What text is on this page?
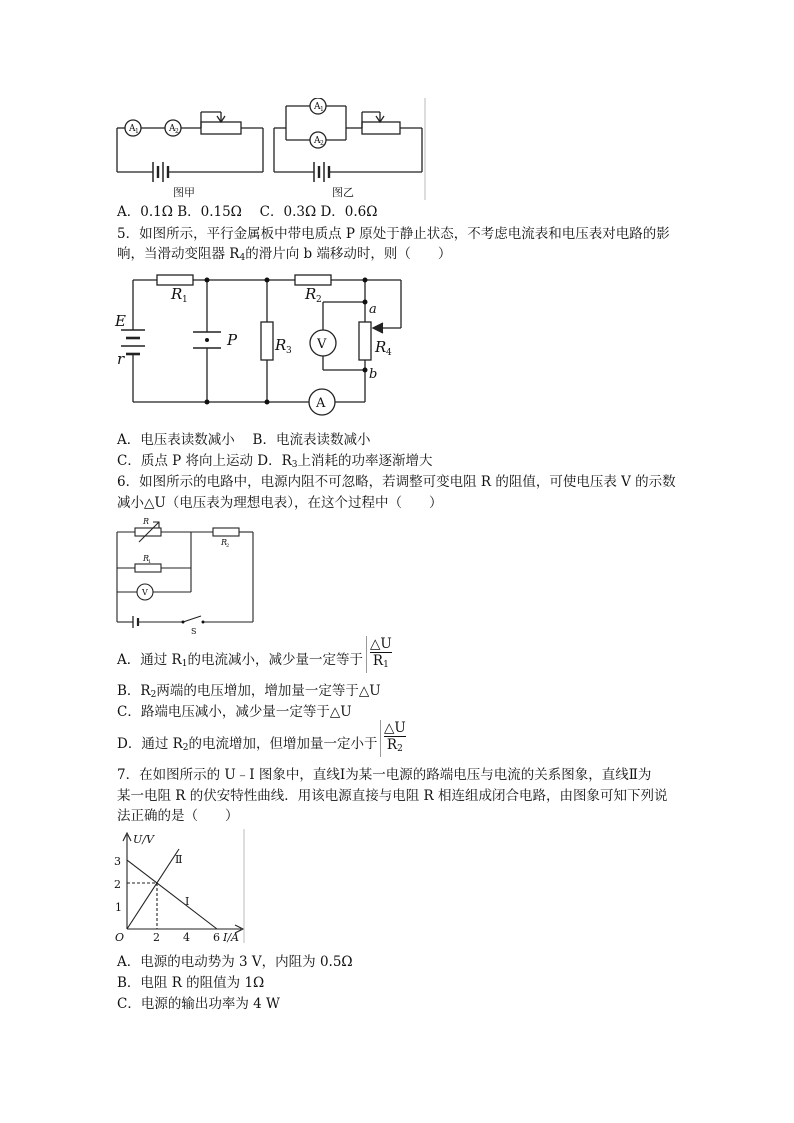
A 1	A 2
图甲
A 1
A 2
图乙
A．0.1Ω B．0.15Ω　 C．0.3Ω D．0.6Ω
5．如图所示，平行金属板中带电质点 P 原处于静止状态，不考虑电流表和电压表对电路的影
响，当滑动变阻器 $R_4$的滑片向 b 端移动时，则（　　）
R 1	R 2
R 3	R 4
E
r
P
a
b
V
A
A．电压表读数减小　 B．电流表读数减小
C．质点 P 将向上运动 D．$R_3$上消耗的功率逐渐增大
6．如图所示的电路中，电源内阻不可忽略，若调整可变电阻 R 的阻值，可使电压表 V 的示数
减小△U（电压表为理想电表），在这个过程中（　　）
R
R
1
R
2
V
S
A．通过 $R_1$的电流减小，减少量一定等于 $\frac{\triangle U}{R_1}$
B．$R_2$两端的电压增加，增加量一定等于△U
C．路端电压减小，减少量一定等于△U
D．通过 $R_2$的电流增加，但增加量一定小于 $\frac{\triangle U}{R_2}$
7．在如图所示的 U﹣I 图象中，直线Ⅰ为某一电源的路端电压与电流的关系图象，直线Ⅱ为
某一电阻 R 的伏安特性曲线．用该电源直接与电阻 R 相连组成闭合电路，由图象可知下列说
法正确的是（　　）
3
2
1
2 4 6
O
U/V
I/A
Ⅱ
Ⅰ
A．电源的电动势为 3 V，内阻为 0.5Ω
B．电阻 R 的阻值为 1Ω
C．电源的输出功率为 4 W
